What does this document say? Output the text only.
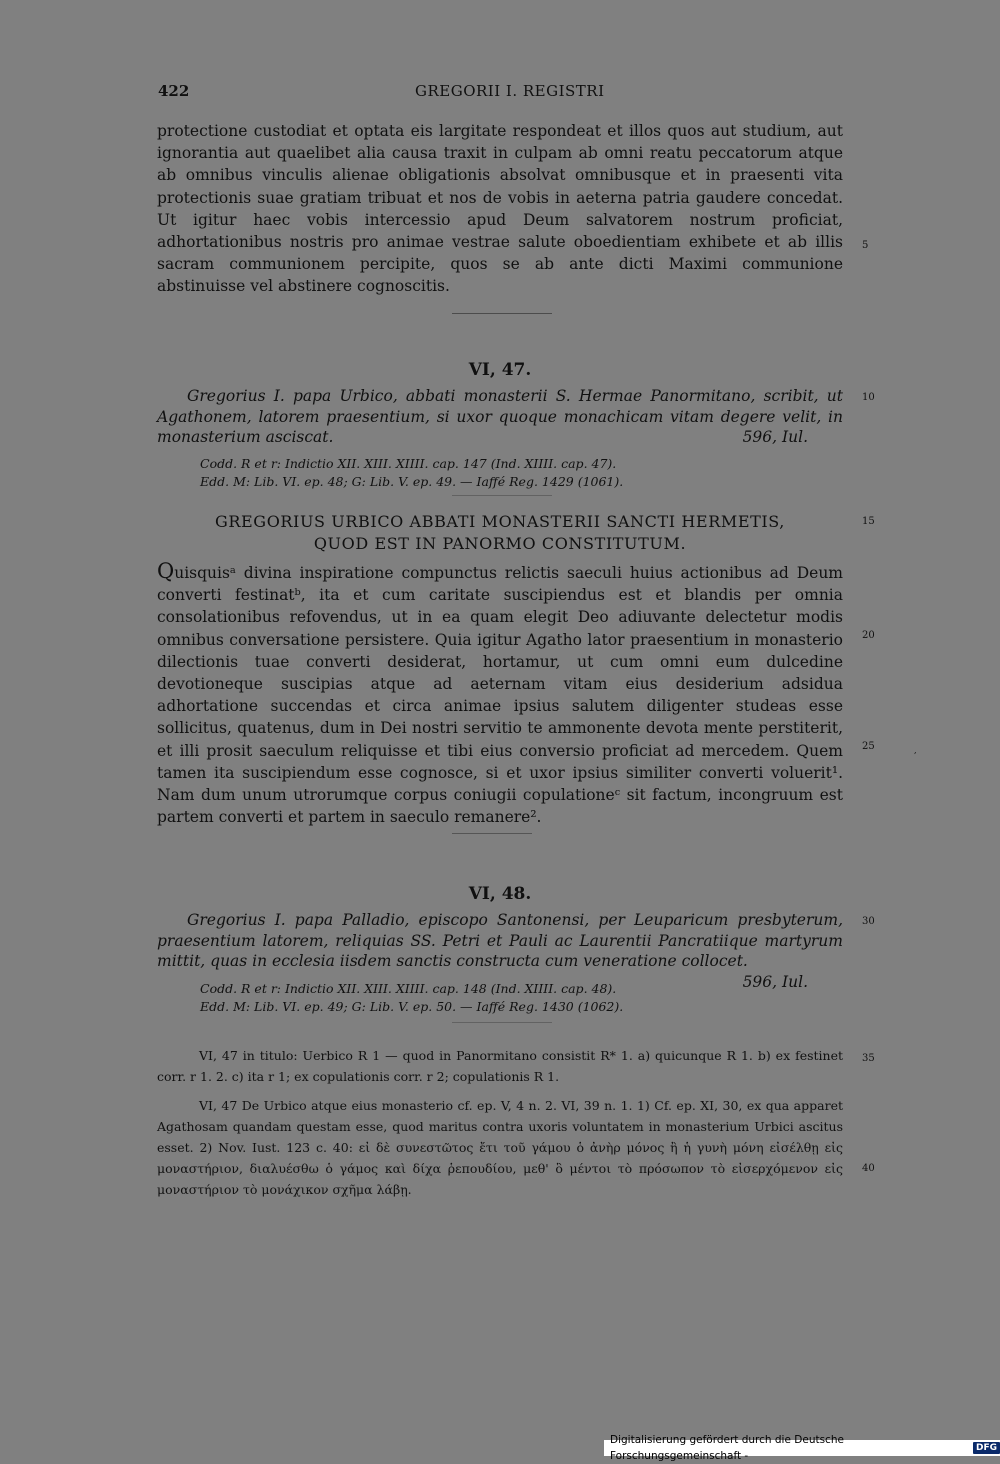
422	GREGORII I. REGISTRI
protectione custodiat et optata eis largitate respondeat et illos quos aut studium, aut ignorantia aut quaelibet alia causa traxit in culpam ab omni reatu peccatorum atque ab omnibus vinculis alienae obligationis absolvat omnibusque et in praesenti vita protectionis suae gratiam tribuat et nos de vobis in aeterna patria gaudere concedat. Ut igitur haec vobis intercessio apud Deum salvatorem nostrum proficiat, adhortationibus nostris pro animae vestrae salute oboedientiam exhibete et ab illis sacram communionem percipite, quos se ab ante dicti Maximi communione abstinuisse vel abstinere cognoscitis.
5
10
15
20
25
30
35
40
VI, 47.
Gregorius I. papa Urbico, abbati monasterii S. Hermae Panormitano, scribit, ut Agathonem, latorem praesentium, si uxor quoque monachicam vitam degere velit, in monasterium asciscat.	596, Iul.
Codd. R et r: Indictio XII. XIII. XIIII. cap. 147 (Ind. XIIII. cap. 47).
Edd. M: Lib. VI. ep. 48; G: Lib. V. ep. 49. — Iaffé Reg. 1429 (1061).
GREGORIUS URBICO ABBATI MONASTERII SANCTI HERMETIS,
QUOD EST IN PANORMO CONSTITUTUM.
Quisquisᵃ divina inspiratione compunctus relictis saeculi huius actionibus ad Deum converti festinatᵇ, ita et cum caritate suscipiendus est et blandis per omnia consolationibus refovendus, ut in ea quam elegit Deo adiuvante delectetur modis omnibus conversatione persistere. Quia igitur Agatho lator praesentium in monasterio dilectionis tuae converti desiderat, hortamur, ut cum omni eum dulcedine devotioneque suscipias atque ad aeternam vitam eius desiderium adsidua adhortatione succendas et circa animae ipsius salutem diligenter studeas esse sollicitus, quatenus, dum in Dei nostri servitio te ammonente devota mente perstiterit, et illi prosit saeculum reliquisse et tibi eius conversio proficiat ad mercedem. Quem tamen ita suscipiendum esse cognosce, si et uxor ipsius similiter converti voluerit¹. Nam dum unum utrorumque corpus coniugii copulationeᶜ sit factum, incongruum est partem converti et partem in saeculo remanere².
,
VI, 48.
Gregorius I. papa Palladio, episcopo Santonensi, per Leuparicum presbyterum, praesentium latorem, reliquias SS. Petri et Pauli ac Laurentii Pancratiique martyrum mittit, quas in ecclesia iisdem sanctis constructa cum veneratione collocet.
596, Iul.
Codd. R et r: Indictio XII. XIII. XIIII. cap. 148 (Ind. XIIII. cap. 48).
Edd. M: Lib. VI. ep. 49; G: Lib. V. ep. 50. — Iaffé Reg. 1430 (1062).

VI, 47 in titulo: Uerbico R 1 — quod in Panormitano consistit R* 1. a) quicunque R 1. b) ex festinet corr. r 1. 2. c) ita r 1; ex copulationis corr. r 2; copulationis R 1.

VI, 47 De Urbico atque eius monasterio cf. ep. V, 4 n. 2. VI, 39 n. 1. 1) Cf. ep. XI, 30, ex qua apparet Agathosam quandam questam esse, quod maritus contra uxoris voluntatem in monasterium Urbici ascitus esset. 2) Nov. Iust. 123 c. 40: εἰ δὲ συνεστῶτος ἔτι τοῦ γάμου ὁ ἀνὴρ μόνος ἢ ἡ γυνὴ μόνη εἰσέλθῃ εἰς μοναστήριον, διαλυέσθω ὁ γάμος καὶ δίχα ῥεπουδίου, μεθ' ὃ μέντοι τὸ πρόσωπον τὸ εἰσερχόμενον εἰς μοναστήριον τὸ μονάχικον σχῆμα λάβῃ.

Digitalisierung gefördert durch die Deutsche Forschungsgemeinschaft -
DFG
